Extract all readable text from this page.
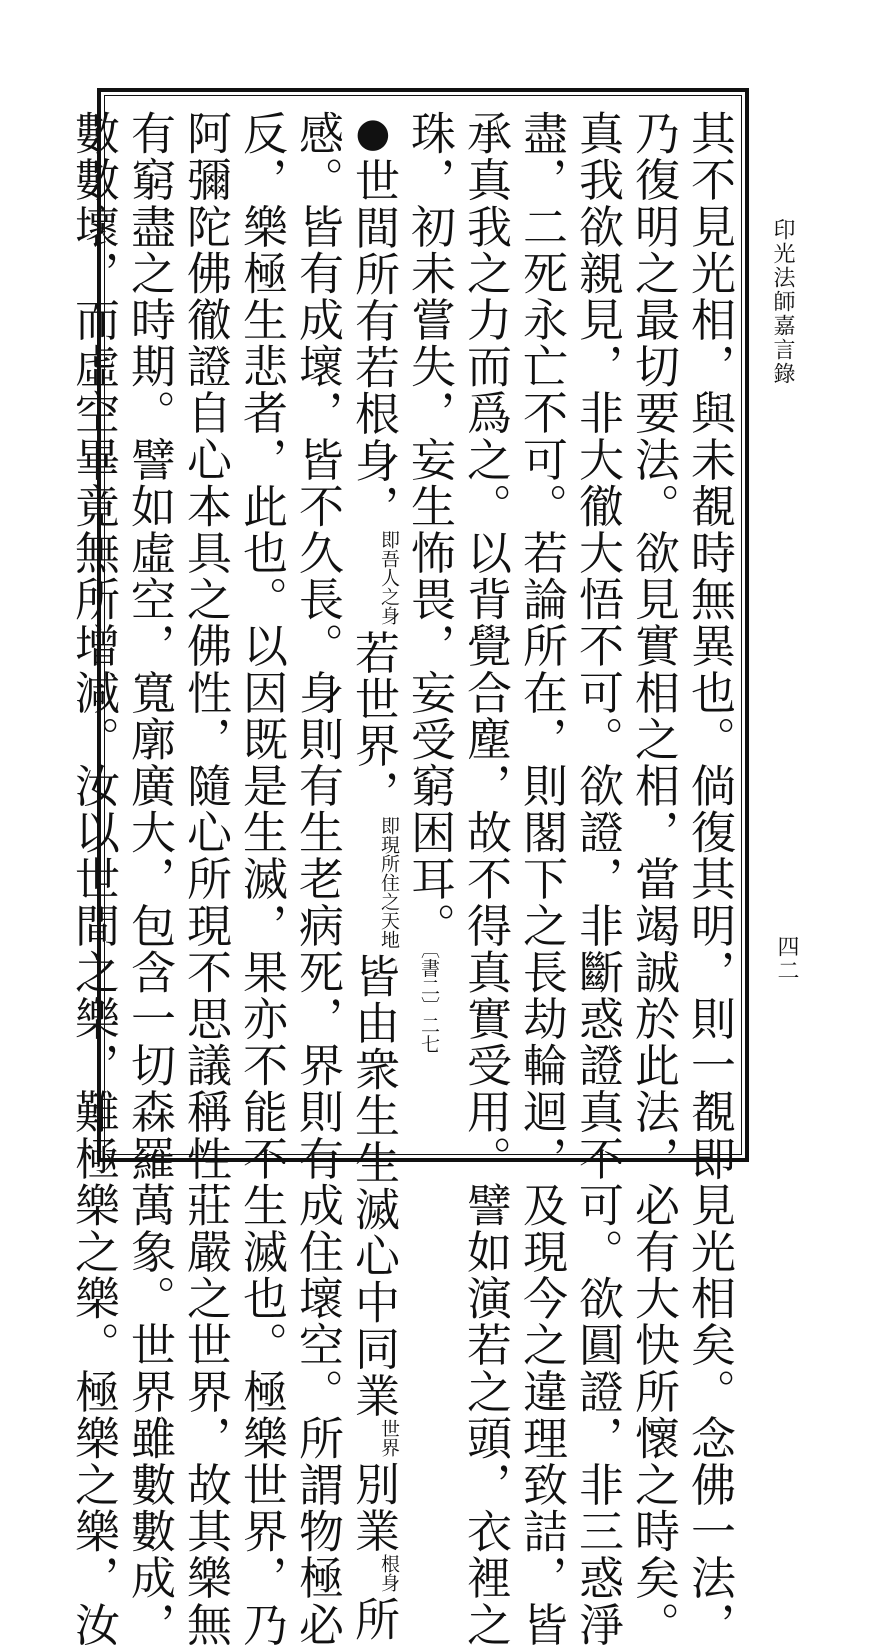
印光法師嘉言錄
四二
其不見光相，與未覩時無異也。倘復其明，則一覩即見光相矣。念佛一法，
乃復明之最切要法。欲見實相之相，當竭誠於此法，必有大快所懷之時矣。
真我欲親見，非大徹大悟不可。欲證，非斷惑證真不可。欲圓證，非三惑淨
盡，二死永亡不可。若論所在，則閣下之長劫輪迴，及現今之違理致詰，皆
承真我之力而爲之。以背覺合塵，故不得真實受用。譬如演若之頭，衣裡之
珠，初未嘗失，妄生怖畏，妄受窮困耳。〔書二〕二七
●世間所有若根身，即吾人之身若世界，即現所住之天地皆由衆生生滅心中同業世界別業根身所
感。皆有成壞，皆不久長。身則有生老病死，界則有成住壞空。所謂物極必
反，樂極生悲者，此也。以因既是生滅，果亦不能不生滅也。極樂世界，乃
阿彌陀佛徹證自心本具之佛性，隨心所現不思議稱性莊嚴之世界，故其樂無
有窮盡之時期。譬如虛空，寬廓廣大，包含一切森羅萬象。世界雖數數成，
數數壞，而虛空畢竟無所增減。汝以世間之樂，難極樂之樂。極樂之樂，汝
